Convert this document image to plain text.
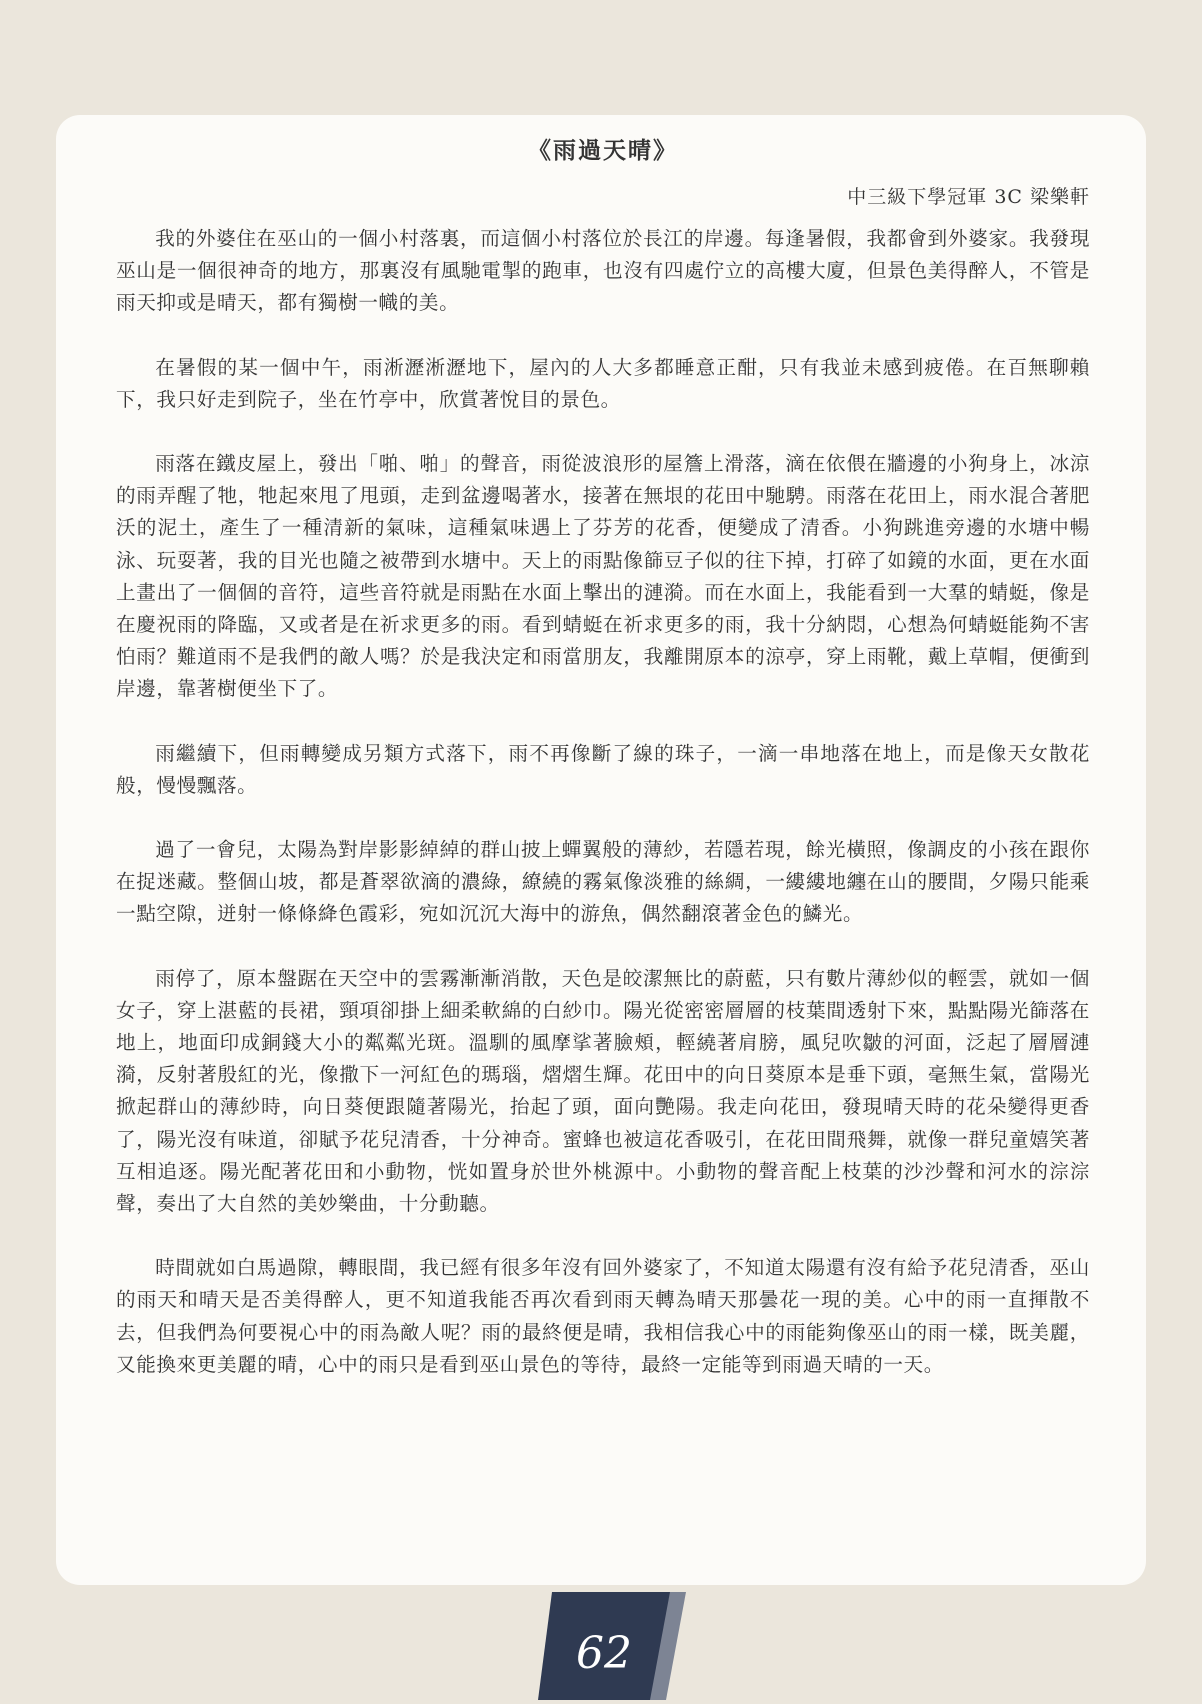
《雨過天晴》

中三級下學冠軍 3C 梁樂軒

我的外婆住在巫山的一個小村落裏，而這個小村落位於長江的岸邊。每逢暑假，我都會到外婆家。我發現巫山是一個很神奇的地方，那裏沒有風馳電掣的跑車，也沒有四處佇立的高樓大廈，但景色美得醉人，不管是雨天抑或是晴天，都有獨樹一幟的美。

在暑假的某一個中午，雨淅瀝淅瀝地下，屋內的人大多都睡意正酣，只有我並未感到疲倦。在百無聊賴下，我只好走到院子，坐在竹亭中，欣賞著悅目的景色。

雨落在鐵皮屋上，發出「啪、啪」的聲音，雨從波浪形的屋簷上滑落，滴在依偎在牆邊的小狗身上，冰涼的雨弄醒了牠，牠起來甩了甩頭，走到盆邊喝著水，接著在無垠的花田中馳騁。雨落在花田上，雨水混合著肥沃的泥土，產生了一種清新的氣味，這種氣味遇上了芬芳的花香，便變成了清香。小狗跳進旁邊的水塘中暢泳、玩耍著，我的目光也隨之被帶到水塘中。天上的雨點像篩豆子似的往下掉，打碎了如鏡的水面，更在水面上畫出了一個個的音符，這些音符就是雨點在水面上擊出的漣漪。而在水面上，我能看到一大羣的蜻蜓，像是在慶祝雨的降臨，又或者是在祈求更多的雨。看到蜻蜓在祈求更多的雨，我十分納悶，心想為何蜻蜓能夠不害怕雨？難道雨不是我們的敵人嗎？於是我決定和雨當朋友，我離開原本的涼亭，穿上雨靴，戴上草帽，便衝到岸邊，靠著樹便坐下了。

雨繼續下，但雨轉變成另類方式落下，雨不再像斷了線的珠子，一滴一串地落在地上，而是像天女散花般，慢慢飄落。

過了一會兒，太陽為對岸影影綽綽的群山披上蟬翼般的薄紗，若隱若現，餘光橫照，像調皮的小孩在跟你在捉迷藏。整個山坡，都是蒼翠欲滴的濃綠，繚繞的霧氣像淡雅的絲綢，一縷縷地纏在山的腰間，夕陽只能乘一點空隙，迸射一條條絳色霞彩，宛如沉沉大海中的游魚，偶然翻滾著金色的鱗光。

雨停了，原本盤踞在天空中的雲霧漸漸消散，天色是皎潔無比的蔚藍，只有數片薄紗似的輕雲，就如一個女子，穿上湛藍的長裙，頸項卻掛上細柔軟綿的白紗巾。陽光從密密層層的枝葉間透射下來，點點陽光篩落在地上，地面印成銅錢大小的粼粼光斑。溫馴的風摩挲著臉頰，輕繞著肩膀，風兒吹皺的河面，泛起了層層漣漪，反射著殷紅的光，像撒下一河紅色的瑪瑙，熠熠生輝。花田中的向日葵原本是垂下頭，毫無生氣，當陽光掀起群山的薄紗時，向日葵便跟隨著陽光，抬起了頭，面向艷陽。我走向花田，發現晴天時的花朵變得更香了，陽光沒有味道，卻賦予花兒清香，十分神奇。蜜蜂也被這花香吸引，在花田間飛舞，就像一群兒童嬉笑著互相追逐。陽光配著花田和小動物，恍如置身於世外桃源中。小動物的聲音配上枝葉的沙沙聲和河水的淙淙聲，奏出了大自然的美妙樂曲，十分動聽。

時間就如白馬過隙，轉眼間，我已經有很多年沒有回外婆家了，不知道太陽還有沒有給予花兒清香，巫山的雨天和晴天是否美得醉人，更不知道我能否再次看到雨天轉為晴天那曇花一現的美。心中的雨一直揮散不去，但我們為何要視心中的雨為敵人呢？雨的最終便是晴，我相信我心中的雨能夠像巫山的雨一樣，既美麗，又能換來更美麗的晴，心中的雨只是看到巫山景色的等待，最終一定能等到雨過天晴的一天。

62
